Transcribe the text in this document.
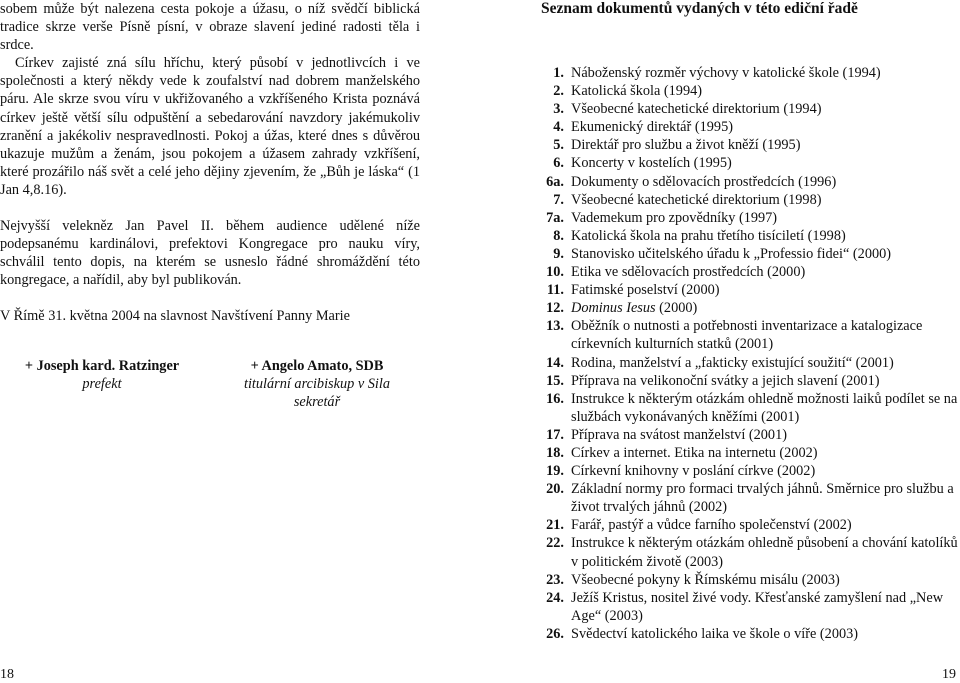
sobem může být nalezena cesta pokoje a úžasu, o níž svědčí biblická tradice skrze verše Písně písní, v obraze slavení jediné radosti těla i srdce.

Církev zajisté zná sílu hříchu, který působí v jednotlivcích i ve společnosti a který někdy vede k zoufalství nad dobrem manželského páru. Ale skrze svou víru v ukřižovaného a vzkříšeného Krista poznává církev ještě větší sílu odpuštění a sebedarování navzdory jakémukoliv zranění a jakékoliv nespravedlnosti. Pokoj a úžas, které dnes s důvěrou ukazuje mužům a ženám, jsou pokojem a úžasem zahrady vzkříšení, které prozářilo náš svět a celé jeho dějiny zjevením, že „Bůh je láska“ (1 Jan 4,8.16).

Nejvyšší velekněz Jan Pavel II. během audience udělené níže podepsanému kardinálovi, prefektovi Kongregace pro nauku víry, schválil tento dopis, na kterém se usneslo řádné shromáždění této kongregace, a nařídil, aby byl publikován.

V Římě 31. května 2004 na slavnost Navštívení Panny Marie

+ Joseph kard. Ratzinger
prefekt
+ Angelo Amato, SDB
titulární arcibiskup v Sila
sekretář
18
Seznam dokumentů vydaných v této ediční řadě
1. Náboženský rozměr výchovy v katolické škole (1994)
2. Katolická škola (1994)
3. Všeobecné katechetické direktorium (1994)
4. Ekumenický direktář (1995)
5. Direktář pro službu a život kněží (1995)
6. Koncerty v kostelích (1995)
6a. Dokumenty o sdělovacích prostředcích (1996)
7. Všeobecné katechetické direktorium (1998)
7a. Vademekum pro zpovědníky (1997)
8. Katolická škola na prahu třetího tisíciletí (1998)
9. Stanovisko učitelského úřadu k „Professio fidei“ (2000)
10. Etika ve sdělovacích prostředcích (2000)
11. Fatimské poselství (2000)
12. Dominus Iesus (2000)
13. Oběžník o nutnosti a potřebnosti inventarizace a katalogizace církevních kulturních statků (2001)
14. Rodina, manželství a „fakticky existující soužití“ (2001)
15. Příprava na velikonoční svátky a jejich slavení (2001)
16. Instrukce k některým otázkám ohledně možnosti laiků podílet se na službách vykonávaných kněžími (2001)
17. Příprava na svátost manželství (2001)
18. Církev a internet. Etika na internetu (2002)
19. Církevní knihovny v poslání církve (2002)
20. Základní normy pro formaci trvalých jáhnů. Směrnice pro službu a život trvalých jáhnů (2002)
21. Farář, pastýř a vůdce farního společenství (2002)
22. Instrukce k některým otázkám ohledně působení a chování katolíků v politickém životě (2003)
23. Všeobecné pokyny k Římskému misálu (2003)
24. Ježíš Kristus, nositel živé vody. Křesťanské zamyšlení nad „New Age“ (2003)
26. Svědectví katolického laika ve škole o víře (2003)
19
